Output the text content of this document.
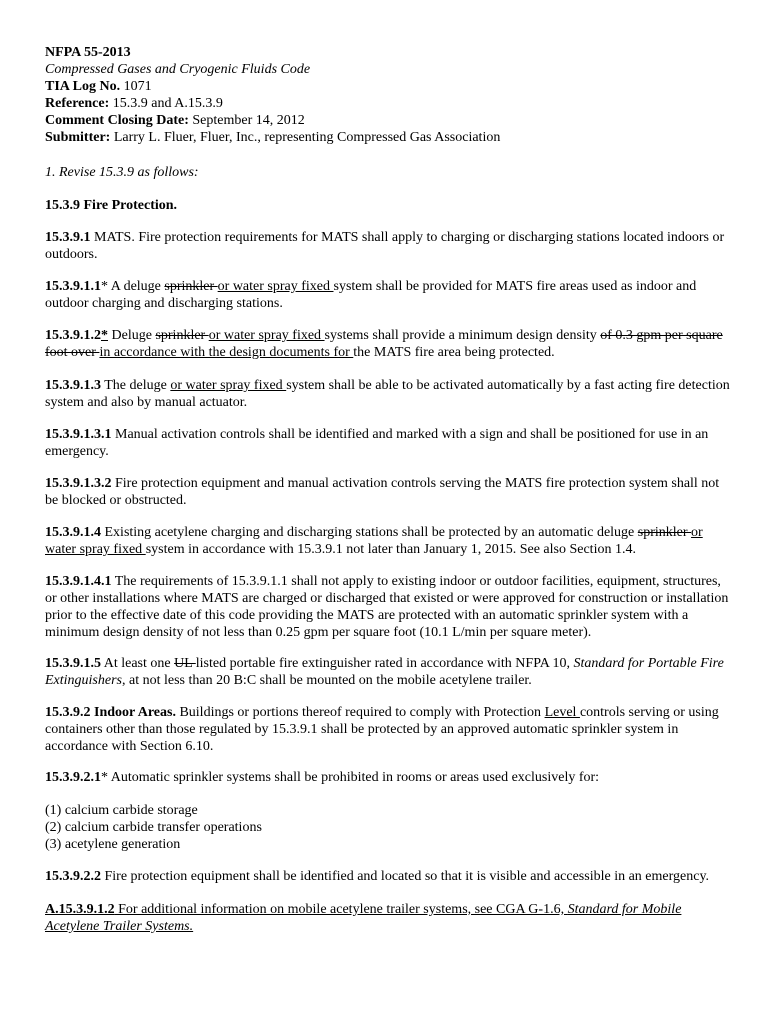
NFPA 55-2013
Compressed Gases and Cryogenic Fluids Code
TIA Log No. 1071
Reference: 15.3.9 and A.15.3.9
Comment Closing Date: September 14, 2012
Submitter: Larry L. Fluer, Fluer, Inc., representing Compressed Gas Association

1. Revise 15.3.9 as follows:

15.3.9 Fire Protection.

15.3.9.1 MATS. Fire protection requirements for MATS shall apply to charging or discharging stations located indoors or outdoors.

15.3.9.1.1* A deluge sprinkler or water spray fixed system shall be provided for MATS fire areas used as indoor and outdoor charging and discharging stations.

15.3.9.1.2* Deluge sprinkler or water spray fixed systems shall provide a minimum design density of 0.3 gpm per square foot over in accordance with the design documents for the MATS fire area being protected.

15.3.9.1.3 The deluge or water spray fixed system shall be able to be activated automatically by a fast acting fire detection system and also by manual actuator.

15.3.9.1.3.1 Manual activation controls shall be identified and marked with a sign and shall be positioned for use in an emergency.

15.3.9.1.3.2 Fire protection equipment and manual activation controls serving the MATS fire protection system shall not be blocked or obstructed.

15.3.9.1.4 Existing acetylene charging and discharging stations shall be protected by an automatic deluge sprinkler or water spray fixed system in accordance with 15.3.9.1 not later than January 1, 2015. See also Section 1.4.

15.3.9.1.4.1 The requirements of 15.3.9.1.1 shall not apply to existing indoor or outdoor facilities, equipment, structures, or other installations where MATS are charged or discharged that existed or were approved for construction or installation prior to the effective date of this code providing the MATS are protected with an automatic sprinkler system with a minimum design density of not less than 0.25 gpm per square foot (10.1 L/min per square meter).

15.3.9.1.5 At least one UL listed portable fire extinguisher rated in accordance with NFPA 10, Standard for Portable Fire Extinguishers, at not less than 20 B:C shall be mounted on the mobile acetylene trailer.

15.3.9.2 Indoor Areas. Buildings or portions thereof required to comply with Protection Level controls serving or using containers other than those regulated by 15.3.9.1 shall be protected by an approved automatic sprinkler system in accordance with Section 6.10.

15.3.9.2.1* Automatic sprinkler systems shall be prohibited in rooms or areas used exclusively for:

(1) calcium carbide storage
(2) calcium carbide transfer operations
(3) acetylene generation

15.3.9.2.2 Fire protection equipment shall be identified and located so that it is visible and accessible in an emergency.

A.15.3.9.1.2 For additional information on mobile acetylene trailer systems, see CGA G-1.6, Standard for Mobile Acetylene Trailer Systems.
